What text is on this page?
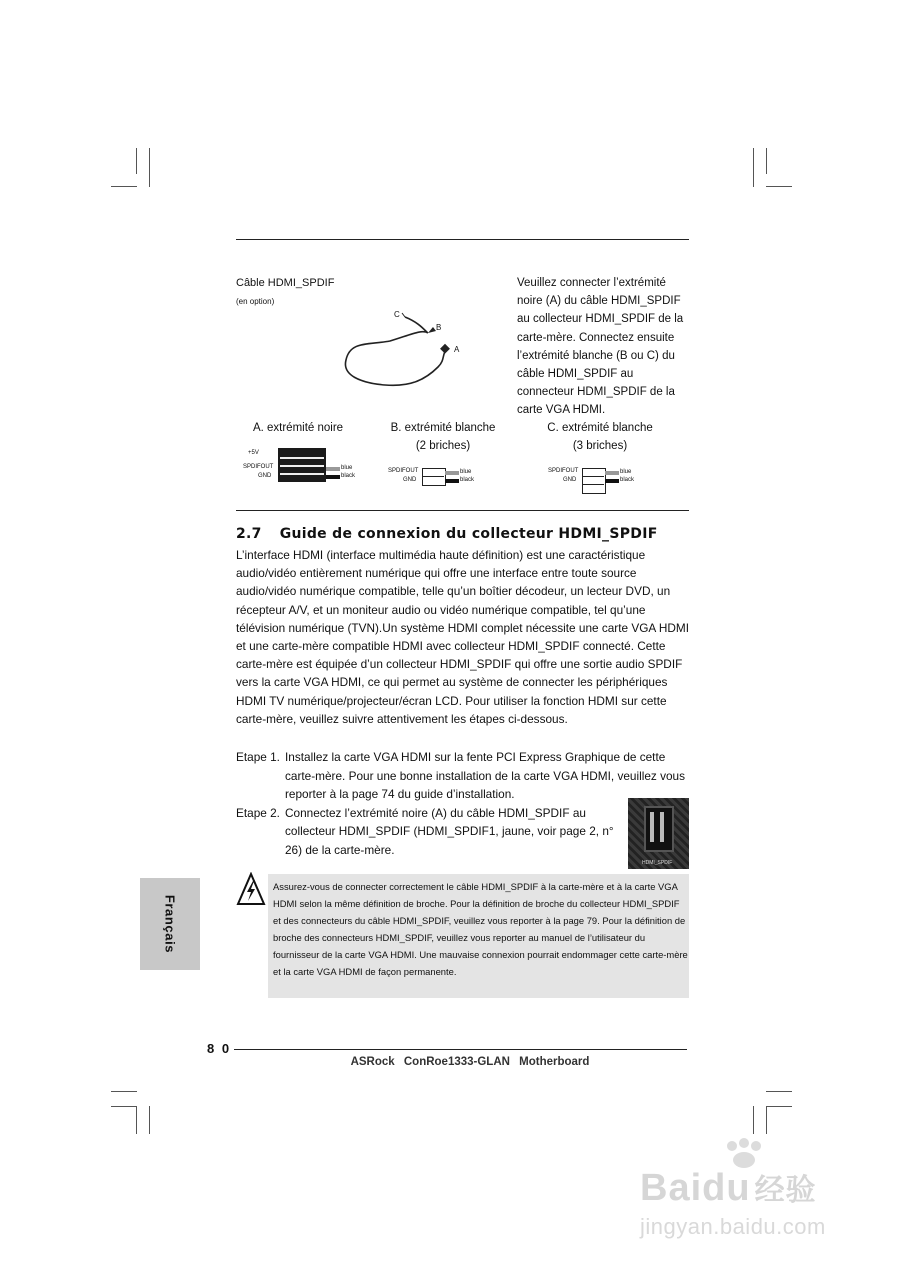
Câble HDMI_SPDIF
(en option)
C
B
A
Veuillez connecter l’extrémité noire (A) du câble HDMI_SPDIF au collecteur HDMI_SPDIF de la carte-mère. Connectez ensuite l’extrémité blanche (B ou C) du câble HDMI_SPDIF au connecteur HDMI_SPDIF de la carte VGA HDMI.
A. extrémité noire	B. extrémité blanche
(2 briches)
C. extrémité blanche
(3 briches)
+5V
SPDIFOUT
GND
blue
black
SPDIFOUT
GND
blue
black
SPDIFOUT
GND
blue
black
2.7 Guide de connexion du collecteur HDMI_SPDIF

L’interface HDMI (interface multimédia haute définition) est une caractéristique audio/vidéo entièrement numérique qui offre une interface entre toute source audio/vidéo numérique compatible, telle qu’un boîtier décodeur, un lecteur DVD, un récepteur A/V, et un moniteur audio ou vidéo numérique compatible, tel qu’une télévision numérique (TVN).Un système HDMI complet nécessite une carte VGA HDMI et une carte-mère compatible HDMI avec collecteur HDMI_SPDIF connecté. Cette carte-mère est équipée d’un collecteur HDMI_SPDIF qui offre une sortie audio SPDIF vers la carte VGA HDMI, ce qui permet au système de connecter les périphériques HDMI TV numérique/projecteur/écran LCD. Pour utiliser la fonction HDMI sur cette carte-mère, veuillez suivre attentivement les étapes ci-dessous.

Etape 1. Installez la carte VGA HDMI sur la fente PCI Express Graphique de cette carte-mère. Pour une bonne installation de la carte VGA HDMI, veuillez vous reporter à la page 74 du guide d’installation.
Etape 2. Connectez l’extrémité noire (A) du câble HDMI_SPDIF au collecteur HDMI_SPDIF (HDMI_SPDIF1, jaune, voir page 2, n° 26) de la carte-mère.
HDMI_SPDIF
Assurez-vous de connecter correctement le câble HDMI_SPDIF à la carte-mère et à la carte VGA HDMI selon la même définition de broche. Pour la définition de broche du collecteur HDMI_SPDIF et des connecteurs du câble HDMI_SPDIF, veuillez vous reporter à la page 79. Pour la définition de broche des connecteurs HDMI_SPDIF, veuillez vous reporter au manuel de l’utilisateur du fournisseur de la carte VGA HDMI. Une mauvaise connexion pourrait endommager cette carte-mère et la carte VGA HDMI de façon permanente.
Français
8 0
ASRock ConRoe1333-GLAN Motherboard
Baidu 经验
jingyan.baidu.com
